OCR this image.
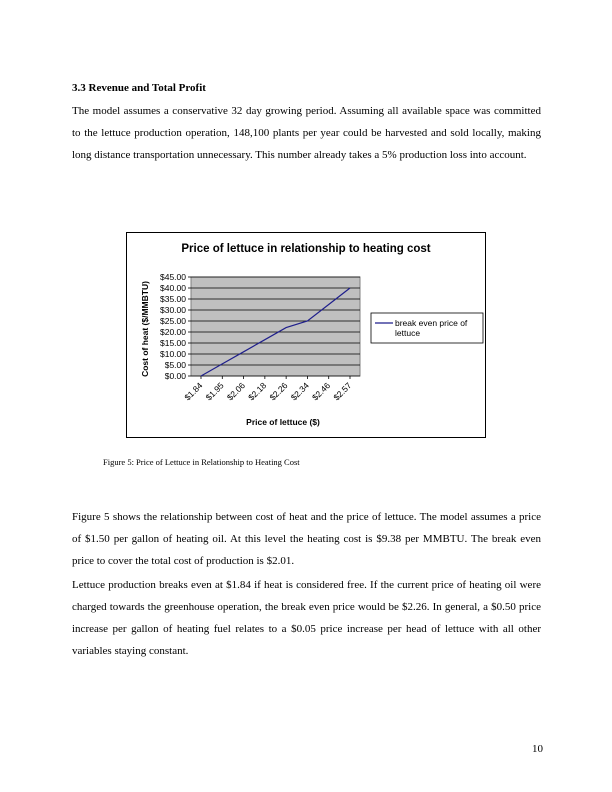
3.3 Revenue and Total Profit

The model assumes a conservative 32 day growing period. Assuming all available space was committed to the lettuce production operation, 148,100 plants per year could be harvested and sold locally, making long distance transportation unnecessary. This number already takes a 5% production loss into account.

Price of lettuce in relationship to heating cost
$0.00
$5.00
$10.00
$15.00
$20.00
$25.00
$30.00
$35.00
$40.00
$45.00
$1.84 $1.95 $2.06 $2.18 $2.26 $2.34 $2.46 $2.57
Price of lettuce ($)
Cost of heat ($/MMBTU)	break even price of lettuce
Figure 5: Price of Lettuce in Relationship to Heating Cost

Figure 5 shows the relationship between cost of heat and the price of lettuce. The model assumes a price of $1.50 per gallon of heating oil. At this level the heating cost is $9.38 per MMBTU. The break even price to cover the total cost of production is $2.01.

Lettuce production breaks even at $1.84 if heat is considered free. If the current price of heating oil were charged towards the greenhouse operation, the break even price would be $2.26. In general, a $0.50 price increase per gallon of heating fuel relates to a $0.05 price increase per head of lettuce with all other variables staying constant.

10
